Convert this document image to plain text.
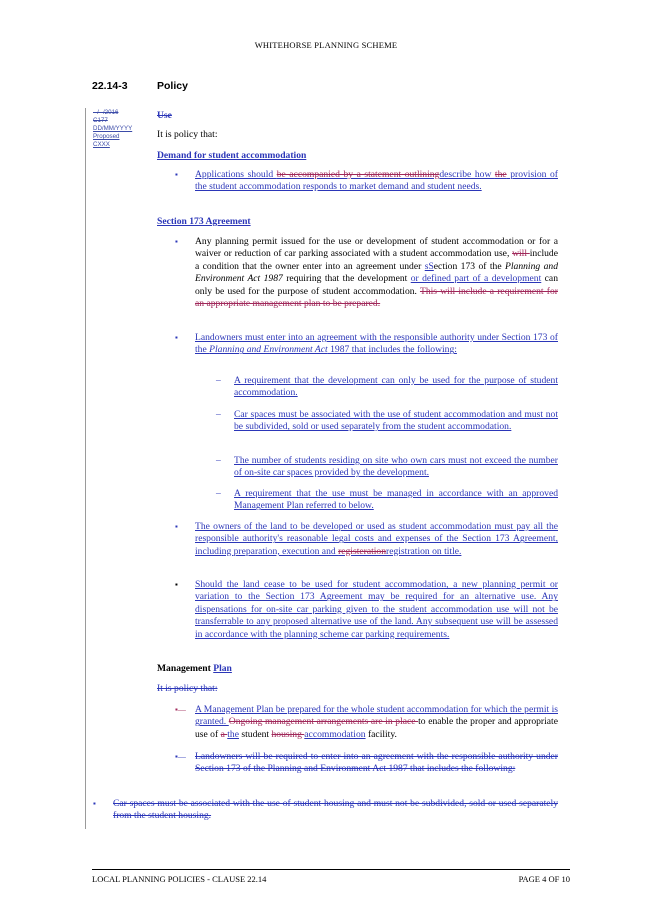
WHITEHORSE PLANNING SCHEME
22.14-3	Policy
--/--/2016
C177
DD/MM/YYYY
Proposed
CXXX
Use
It is policy that:
Demand for student accommodation
▪ Applications should be accompanied by a statement outliningdescribe how the provision of the student accommodation responds to market demand and student needs.
Section 173 Agreement
▪ Any planning permit issued for the use or development of student accommodation or for a waiver or reduction of car parking associated with a student accommodation use, will include a condition that the owner enter into an agreement under sSection 173 of the Planning and Environment Act 1987 requiring that the development or defined part of a development can only be used for the purpose of student accommodation. This will include a requirement for an appropriate management plan to be prepared.
▪ Landowners must enter into an agreement with the responsible authority under Section 173 of the Planning and Environment Act 1987 that includes the following:
– A requirement that the development can only be used for the purpose of student accommodation.
– Car spaces must be associated with the use of student accommodation and must not be subdivided, sold or used separately from the student accommodation.
– The number of students residing on site who own cars must not exceed the number of on-site car spaces provided by the development.
– A requirement that the use must be managed in accordance with an approved Management Plan referred to below.
▪ The owners of the land to be developed or used as student accommodation must pay all the responsible authority's reasonable legal costs and expenses of the Section 173 Agreement, including preparation, execution and registerationregistration on title.
▪ Should the land cease to be used for student accommodation, a new planning permit or variation to the Section 173 Agreement may be required for an alternative use. Any dispensations for on-site car parking given to the student accommodation use will not be transferrable to any proposed alternative use of the land. Any subsequent use will be assessed in accordance with the planning scheme car parking requirements.
Management Plan
It is policy that:
▪— A Management Plan be prepared for the whole student accommodation for which the permit is granted. Ongoing management arrangements are in place to enable the proper and appropriate use of a the student housing accommodation facility.
▪— Landowners will be required to enter into an agreement with the responsible authority under Section 173 of the Planning and Environment Act 1987 that includes the following:
▪ Car spaces must be associated with the use of student housing and must not be subdivided, sold or used separately from the student housing.
LOCAL PLANNING POLICIES - CLAUSE 22.14	PAGE 4 OF 10
